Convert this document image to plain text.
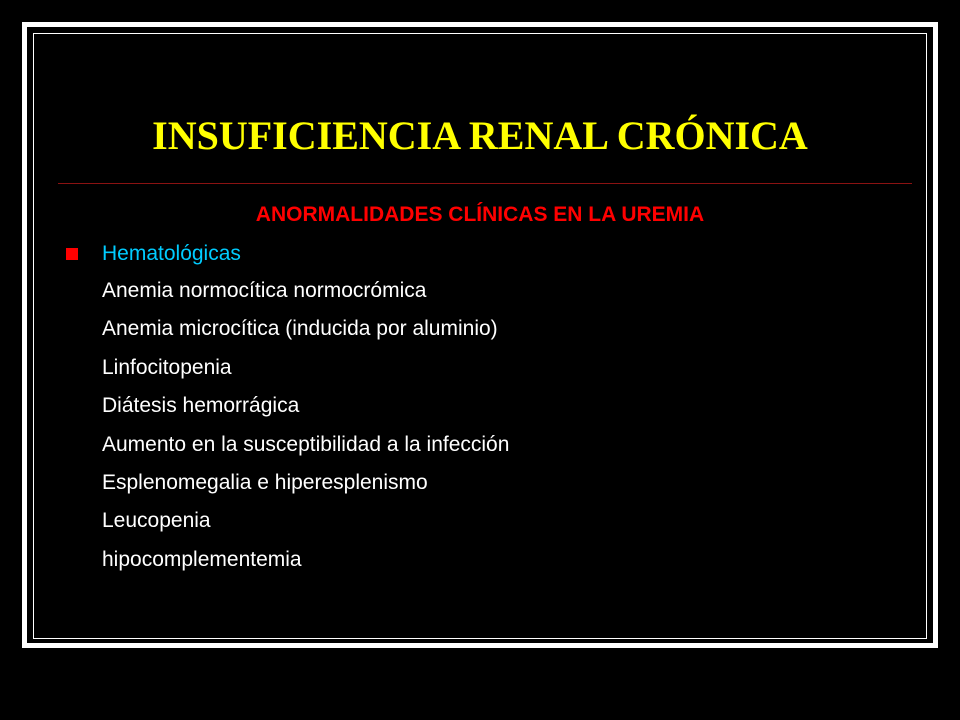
INSUFICIENCIA RENAL CRÓNICA
ANORMALIDADES CLÍNICAS EN LA UREMIA
Hematológicas
Anemia normocítica normocrómica
Anemia microcítica (inducida por aluminio)
Linfocitopenia
Diátesis hemorrágica
Aumento en la susceptibilidad a la infección
Esplenomegalia e hiperesplenismo
Leucopenia
hipocomplementemia
